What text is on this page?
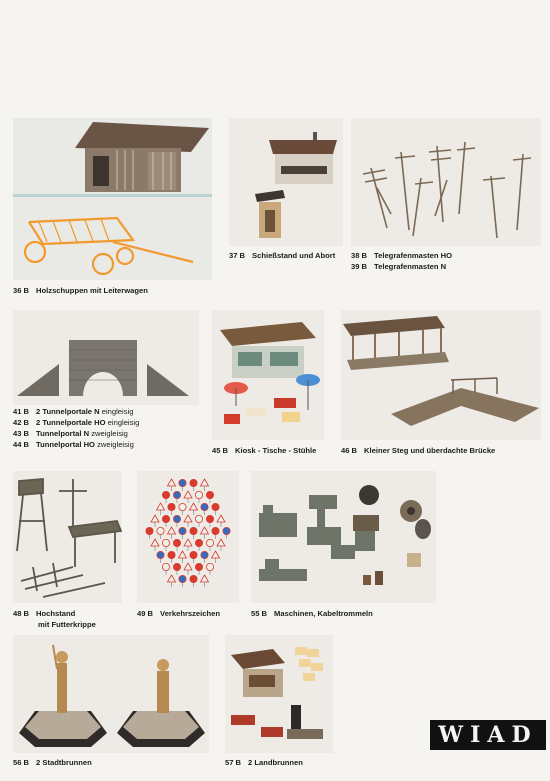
36 B Holzschuppen mit Leiterwagen
37 B Schießstand und Abort 38 B Telegrafenmasten HO
39 B Telegrafenmasten N
41 B 2 Tunnelportale N eingleisig
42 B 2 Tunnelportale HO eingleisig
43 B Tunnelportal N zweigleisig
44 B Tunnelportal HO zweigleisig
45 B Kiosk - Tische - Stühle	46 B Kleiner Steg und überdachte Brücke
48 B Hochstand
mit Futterkrippe
49 B Verkehrszeichen	55 B Maschinen, Kabeltrommeln
56 B 2 Stadtbrunnen	57 B 2 Landbrunnen
WIAD
